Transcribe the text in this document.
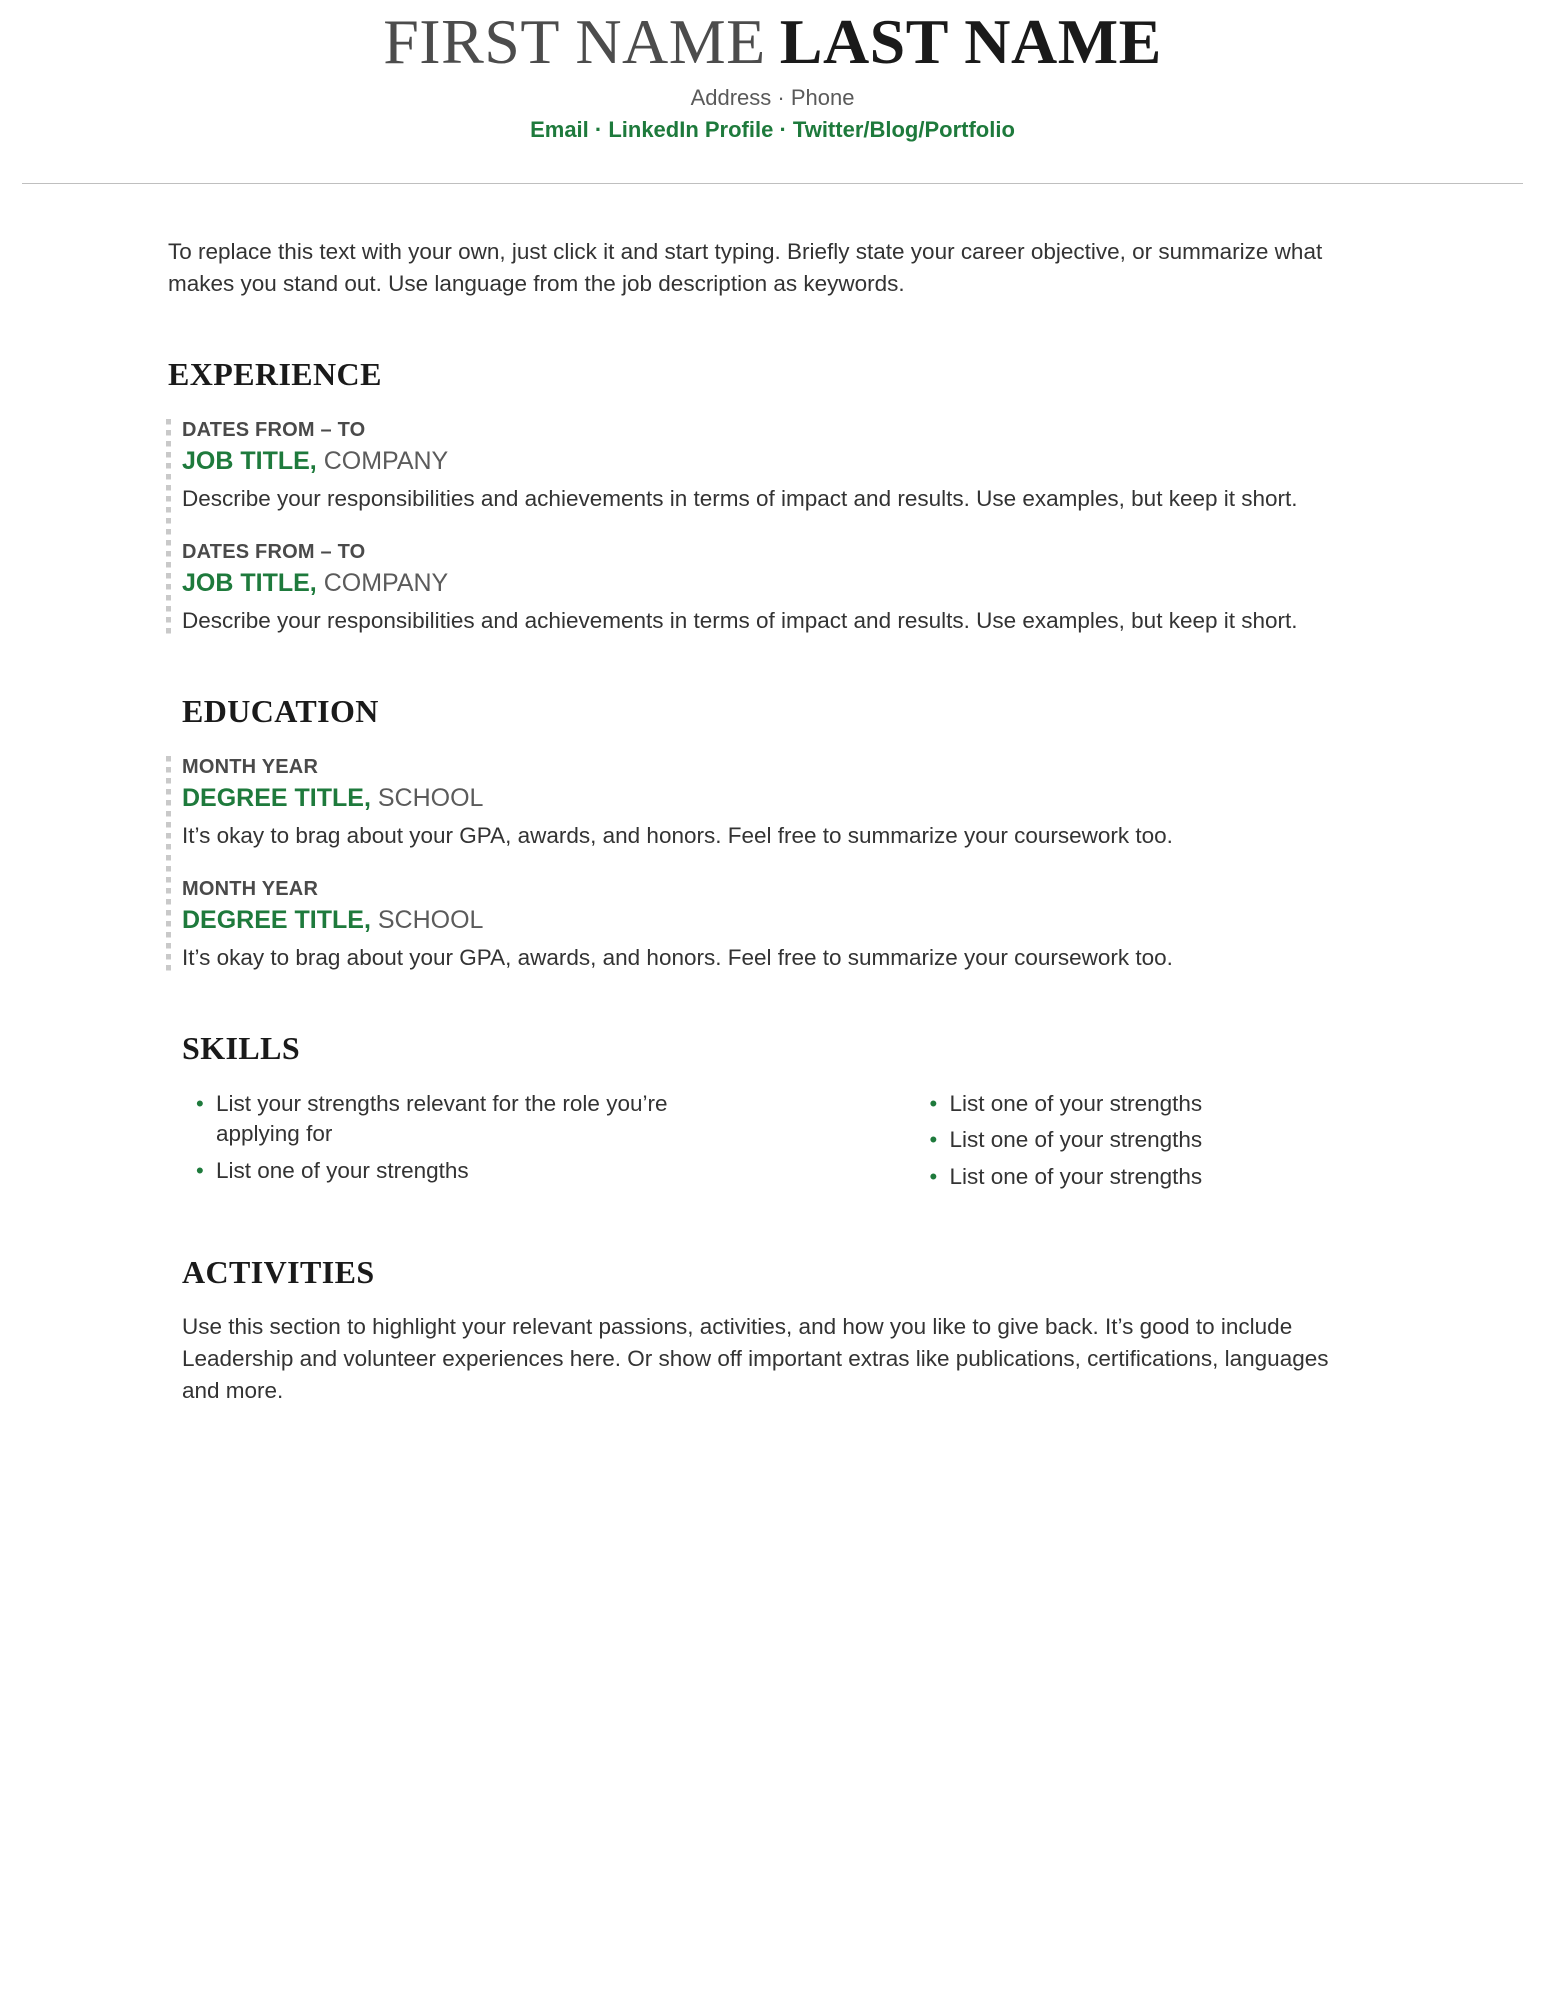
FIRST NAME LAST NAME
Address · Phone
Email · LinkedIn Profile · Twitter/Blog/Portfolio

To replace this text with your own, just click it and start typing. Briefly state your career objective, or summarize what makes you stand out. Use language from the job description as keywords.

EXPERIENCE
DATES FROM – TO
JOB TITLE, COMPANY
Describe your responsibilities and achievements in terms of impact and results. Use examples, but keep it short.
DATES FROM – TO
JOB TITLE, COMPANY
Describe your responsibilities and achievements in terms of impact and results. Use examples, but keep it short.
EDUCATION
MONTH YEAR
DEGREE TITLE, SCHOOL
It’s okay to brag about your GPA, awards, and honors. Feel free to summarize your coursework too.
MONTH YEAR
DEGREE TITLE, SCHOOL
It’s okay to brag about your GPA, awards, and honors. Feel free to summarize your coursework too.
SKILLS
• List your strengths relevant for the role you’re applying for
• List one of your strengths
• List one of your strengths
• List one of your strengths
• List one of your strengths
ACTIVITIES

Use this section to highlight your relevant passions, activities, and how you like to give back. It’s good to include Leadership and volunteer experiences here. Or show off important extras like publications, certifications, languages and more.
